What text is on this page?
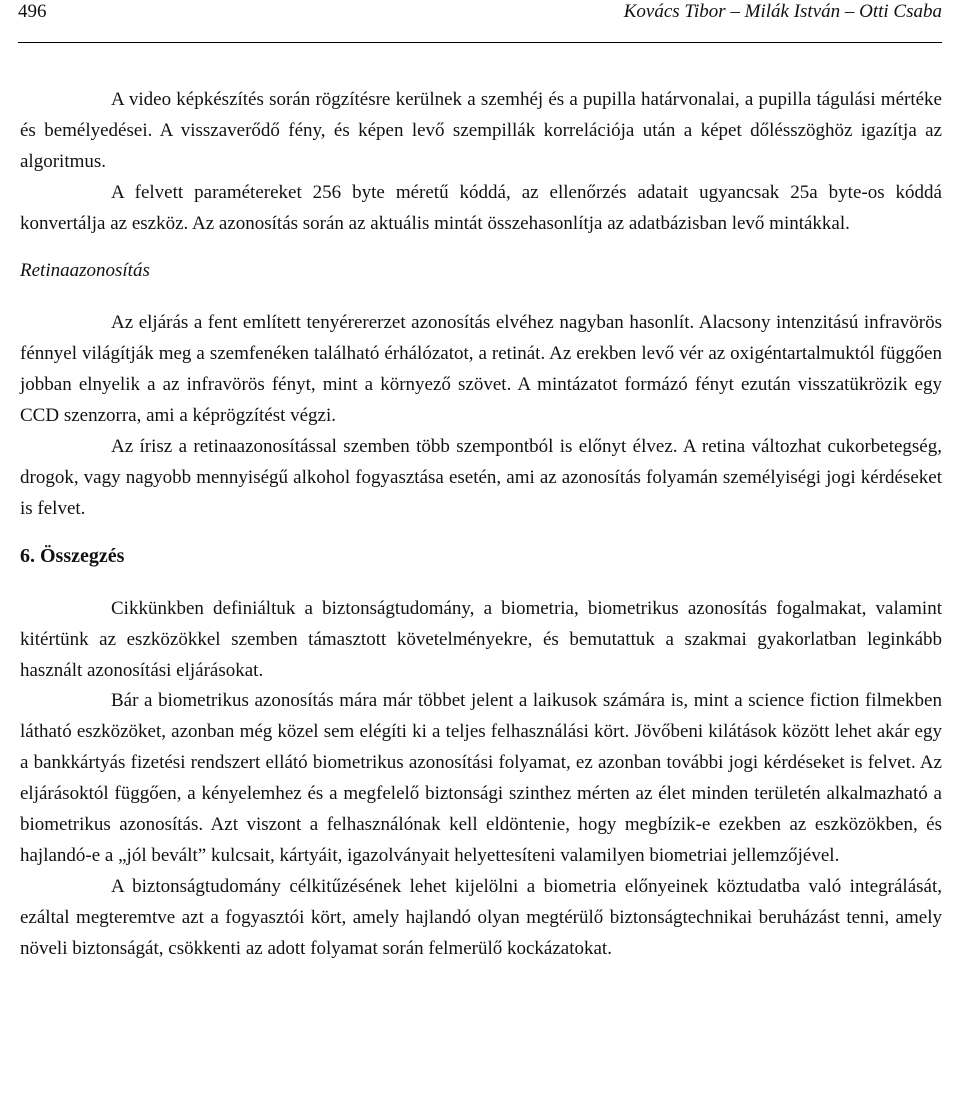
496	Kovács Tibor – Milák István – Otti Csaba

A video képkészítés során rögzítésre kerülnek a szemhéj és a pupilla határvonalai, a pupilla tágulási mértéke és bemélyedései. A visszaverődő fény, és képen levő szempillák korrelációja után a képet dőlésszöghöz igazítja az algoritmus.

A felvett paramétereket 256 byte méretű kóddá, az ellenőrzés adatait ugyancsak 25a byte-os kóddá konvertálja az eszköz. Az azonosítás során az aktuális mintát összehasonlítja az adatbázisban levő mintákkal.

Retinaazonosítás

Az eljárás a fent említett tenyérererzet azonosítás elvéhez nagyban hasonlít. Alacsony intenzitású infravörös fénnyel világítják meg a szemfenéken található érhálózatot, a retinát. Az erekben levő vér az oxigéntartalmuktól függően jobban elnyelik a az infravörös fényt, mint a környező szövet. A mintázatot formázó fényt ezután visszatükrözik egy CCD szenzorra, ami a képrögzítést végzi.

Az írisz a retinaazonosítással szemben több szempontból is előnyt élvez. A retina változhat cukorbetegség, drogok, vagy nagyobb mennyiségű alkohol fogyasztása esetén, ami az azonosítás folyamán személyiségi jogi kérdéseket is felvet.

6. Összegzés

Cikkünkben definiáltuk a biztonságtudomány, a biometria, biometrikus azonosítás fogalmakat, valamint kitértünk az eszközökkel szemben támasztott követelményekre, és bemutattuk a szakmai gyakorlatban leginkább használt azonosítási eljárásokat.

Bár a biometrikus azonosítás mára már többet jelent a laikusok számára is, mint a science fiction filmekben látható eszközöket, azonban még közel sem elégíti ki a teljes felhasználási kört. Jövőbeni kilátások között lehet akár egy a bankkártyás fizetési rendszert ellátó biometrikus azonosítási folyamat, ez azonban további jogi kérdéseket is felvet. Az eljárásoktól függően, a kényelemhez és a megfelelő biztonsági szinthez mérten az élet minden területén alkalmazható a biometrikus azonosítás. Azt viszont a felhasználónak kell eldöntenie, hogy megbízik-e ezekben az eszközökben, és hajlandó-e a „jól bevált” kulcsait, kártyáit, igazolványait helyettesíteni valamilyen biometriai jellemzőjével.

A biztonságtudomány célkitűzésének lehet kijelölni a biometria előnyeinek köztudatba való integrálását, ezáltal megteremtve azt a fogyasztói kört, amely hajlandó olyan megtérülő biztonságtechnikai beruházást tenni, amely növeli biztonságát, csökkenti az adott folyamat során felmerülő kockázatokat.
